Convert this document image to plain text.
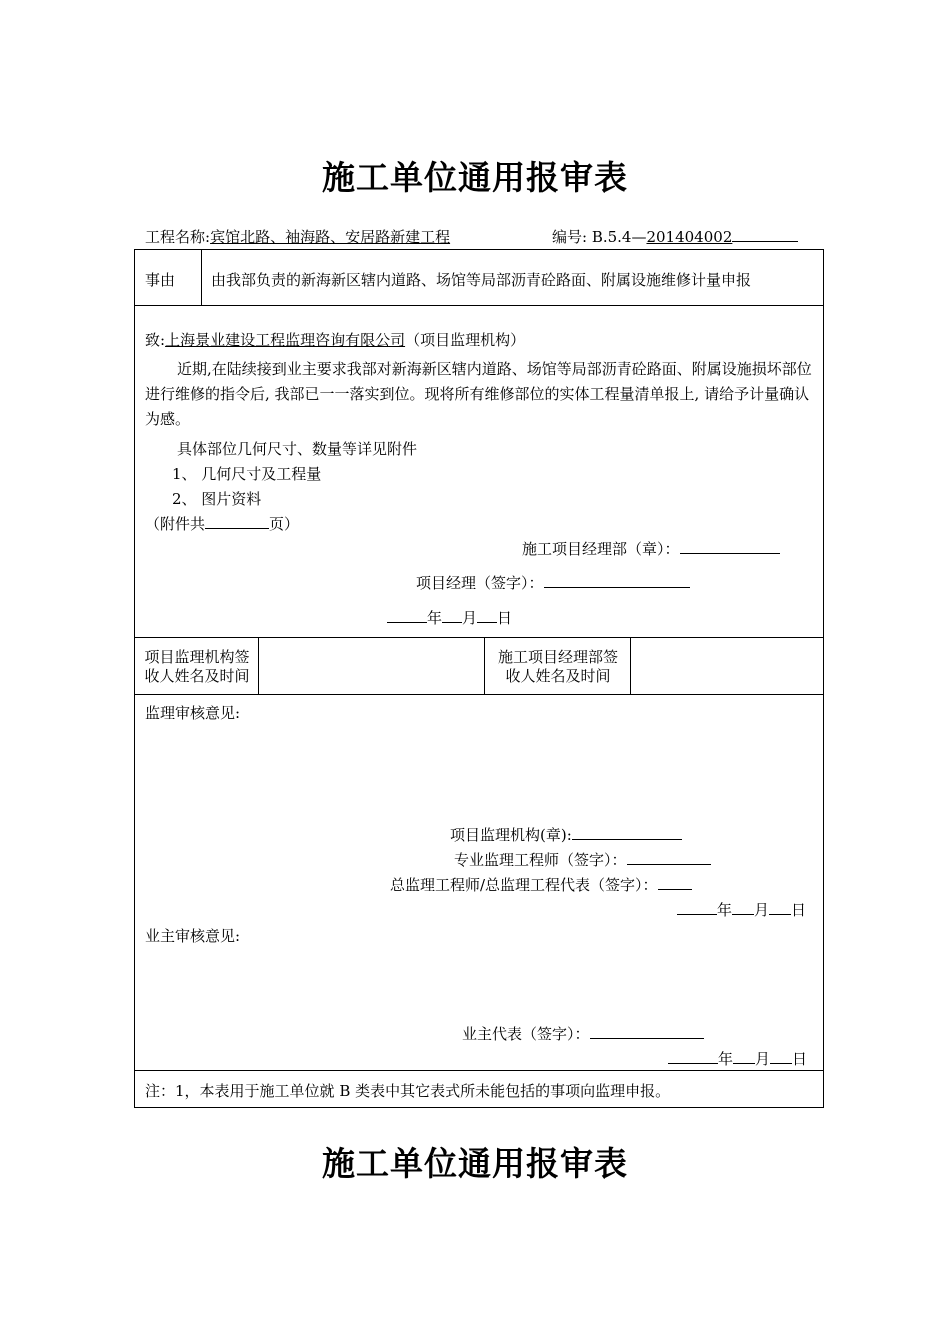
施工单位通用报审表
工程名称:宾馆北路、袖海路、安居路新建工程	编号: B.5.4—201404002
事由 由我部负责的新海新区辖内道路、场馆等局部沥青砼路面、附属设施维修计量申报
致:上海景业建设工程监理咨询有限公司（项目监理机构）
近期,在陆续接到业主要求我部对新海新区辖内道路、场馆等局部沥青砼路面、附属设施损坏部位进行维修的指令后, 我部已一一落实到位。现将所有维修部位的实体工程量清单报上, 请给予计量确认为感。
具体部位几何尺寸、数量等详见附件
1、 几何尺寸及工程量
2、 图片资料
（附件共	页）
施工项目经理部（章）：
项目经理（签字）：
年 月 日
项目监理机构签
收人姓名及时间
施工项目经理部签
收人姓名及时间
监理审核意见:
项目监理机构(章):
专业监理工程师（签字）：
总监理工程师/总监理工程代表（签字）：
年 月 日
业主审核意见:
业主代表（签字）：
年 月 日
注：1，本表用于施工单位就 B 类表中其它表式所未能包括的事项向监理申报。
施工单位通用报审表
